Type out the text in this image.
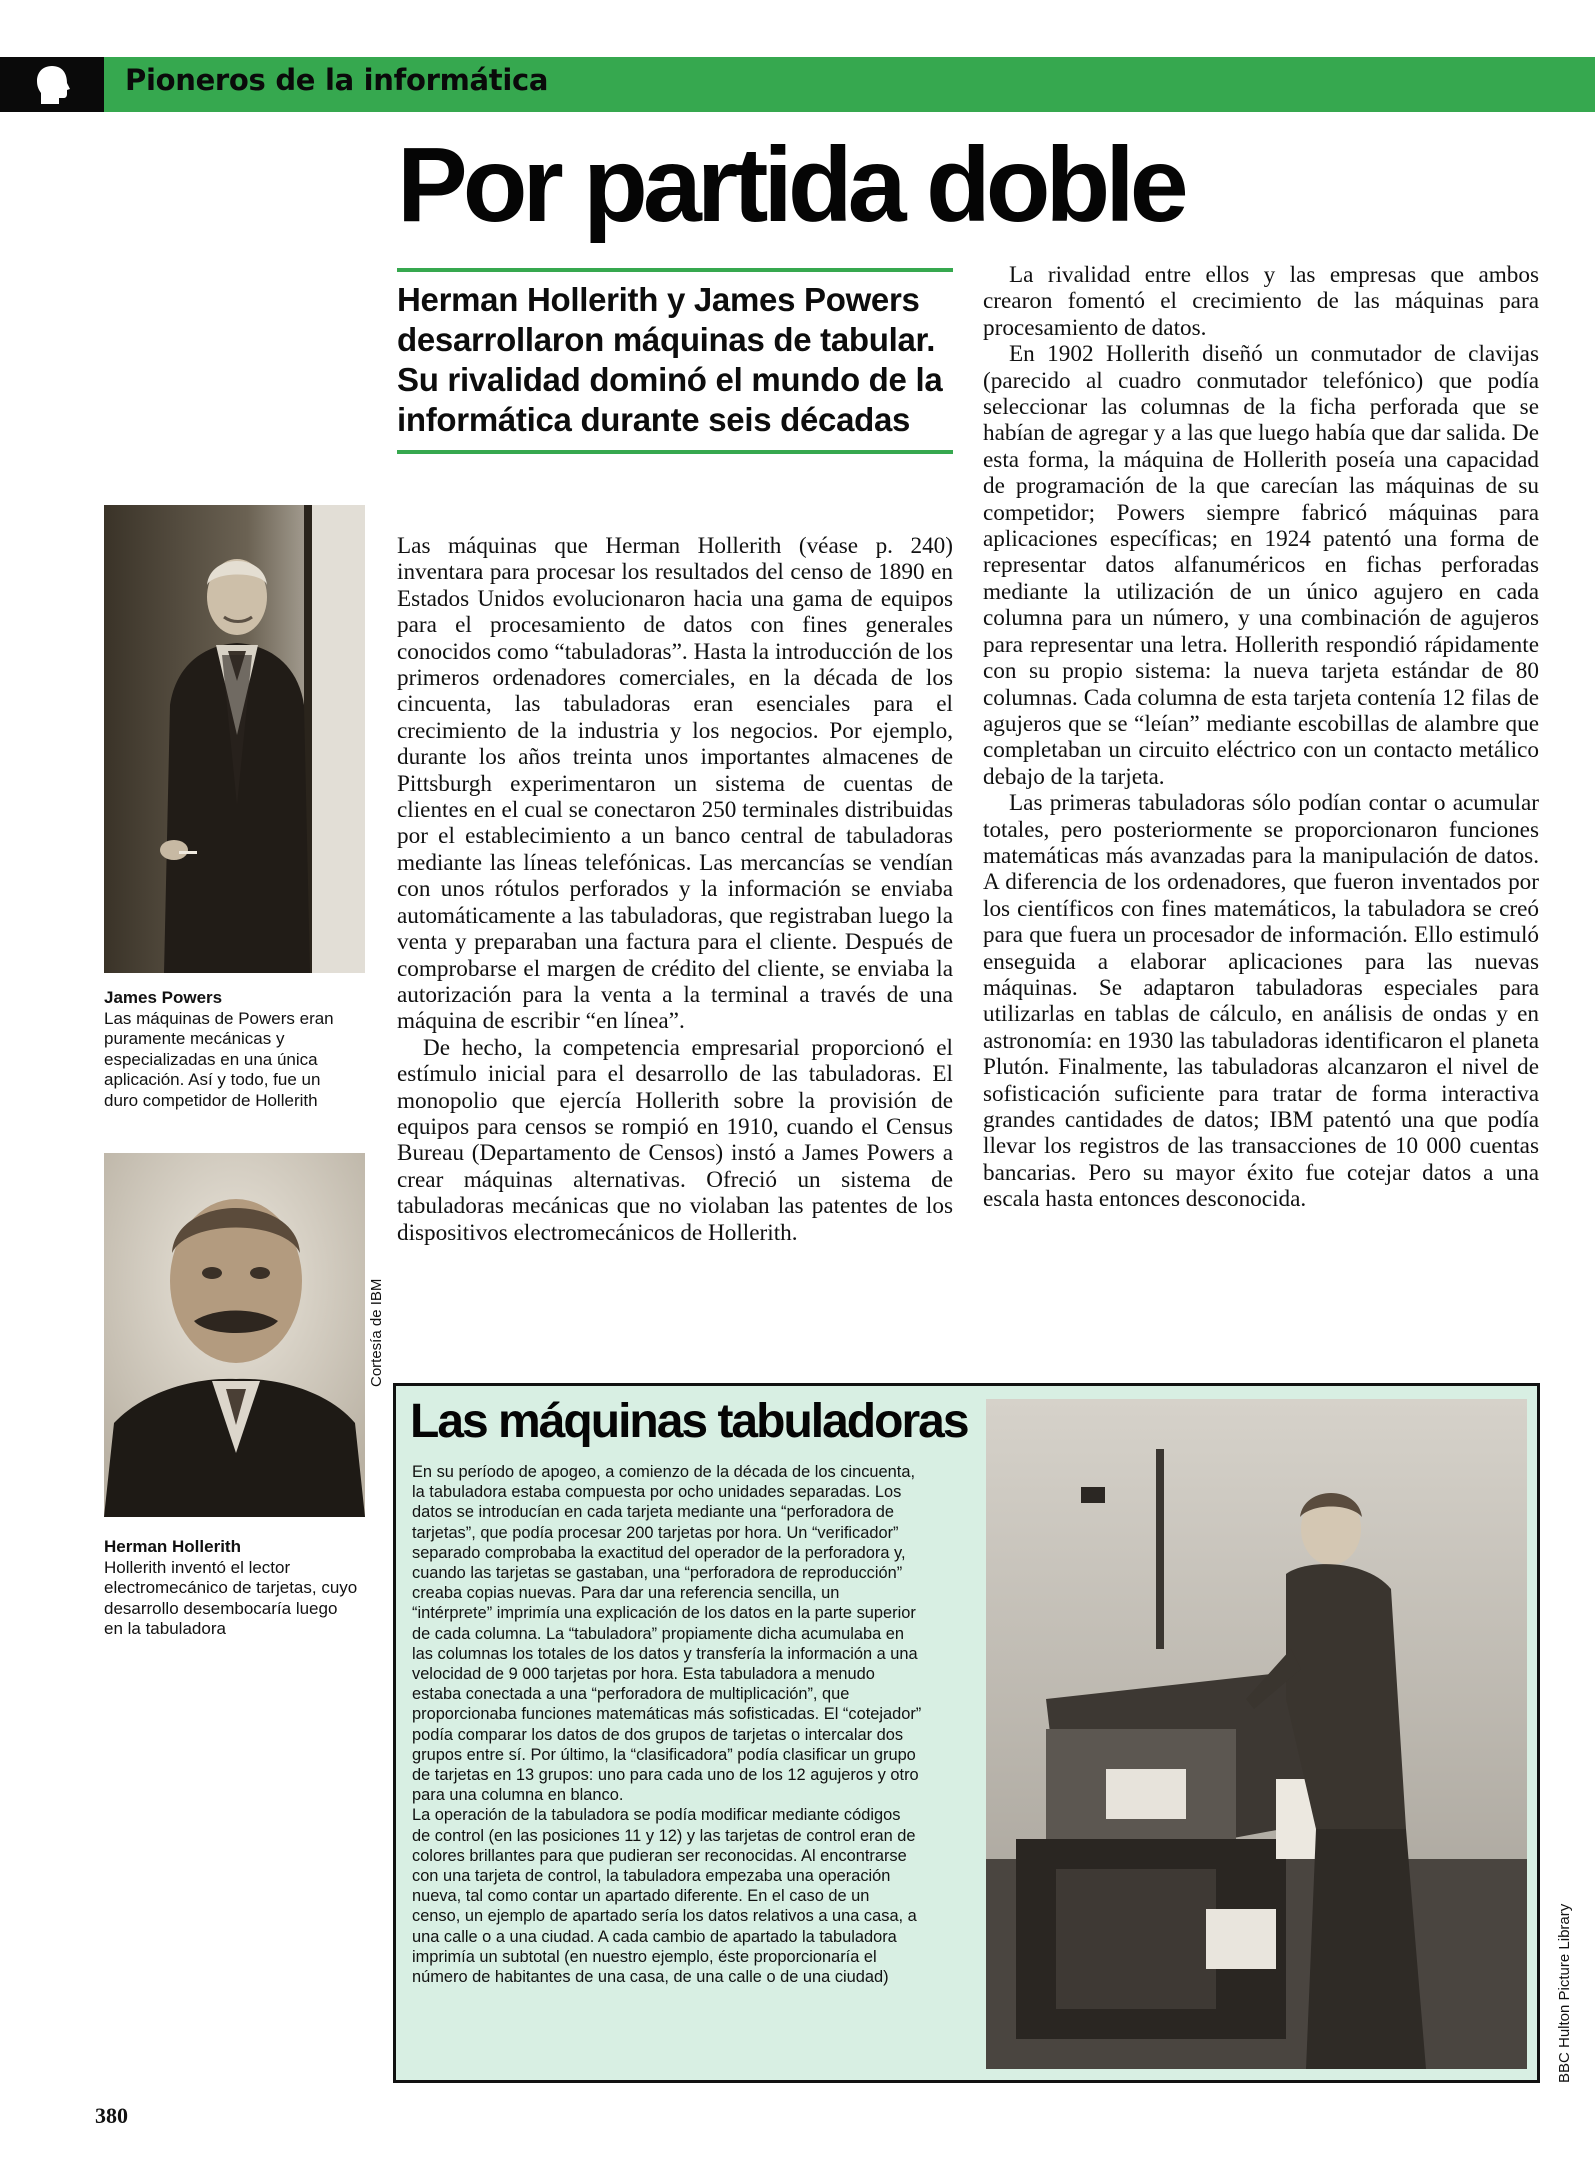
Pioneros de la informática
Por partida doble
Herman Hollerith y James Powers desarrollaron máquinas de tabular. Su rivalidad dominó el mundo de la informática durante seis décadas
James Powers
Las máquinas de Powers eran puramente mecánicas y especializadas en una única aplicación. Así y todo, fue un duro competidor de Hollerith
Cortesía de IBM
Herman Hollerith
Hollerith inventó el lector electromecánico de tarjetas, cuyo desarrollo desembocaría luego en la tabuladora

Las máquinas que Herman Hollerith (véase p. 240) inventara para procesar los resultados del censo de 1890 en Estados Unidos evolucionaron hacia una gama de equipos para el procesamiento de datos con fines generales conocidos como “tabuladoras”. Hasta la introducción de los primeros ordenadores comerciales, en la década de los cincuenta, las tabuladoras eran esenciales para el crecimiento de la industria y los negocios. Por ejemplo, durante los años treinta unos importantes almacenes de Pittsburgh experimentaron un sistema de cuentas de clientes en el cual se conectaron 250 terminales distribuidas por el establecimiento a un banco central de tabuladoras mediante las líneas telefónicas. Las mercancías se vendían con unos rótulos perforados y la información se enviaba automáticamente a las tabuladoras, que registraban luego la venta y preparaban una factura para el cliente. Después de comprobarse el margen de crédito del cliente, se enviaba la autorización para la venta a la terminal a través de una máquina de escribir “en línea”.

De hecho, la competencia empresarial proporcionó el estímulo inicial para el desarrollo de las tabuladoras. El monopolio que ejercía Hollerith sobre la provisión de equipos para censos se rompió en 1910, cuando el Census Bureau (Departamento de Censos) instó a James Powers a crear máquinas alternativas. Ofreció un sistema de tabuladoras mecánicas que no violaban las patentes de los dispositivos electromecánicos de Hollerith.

La rivalidad entre ellos y las empresas que ambos crearon fomentó el crecimiento de las máquinas para procesamiento de datos.

En 1902 Hollerith diseñó un conmutador de clavijas (parecido al cuadro conmutador telefónico) que podía seleccionar las columnas de la ficha perforada que se habían de agregar y a las que luego había que dar salida. De esta forma, la máquina de Hollerith poseía una capacidad de programación de la que carecían las máquinas de su competidor; Powers siempre fabricó máquinas para aplicaciones específicas; en 1924 patentó una forma de representar datos alfanuméricos en fichas perforadas mediante la utilización de un único agujero en cada columna para un número, y una combinación de agujeros para representar una letra. Hollerith respondió rápidamente con su propio sistema: la nueva tarjeta estándar de 80 columnas. Cada columna de esta tarjeta contenía 12 filas de agujeros que se “leían” mediante escobillas de alambre que completaban un circuito eléctrico con un contacto metálico debajo de la tarjeta.

Las primeras tabuladoras sólo podían contar o acumular totales, pero posteriormente se proporcionaron funciones matemáticas más avanzadas para la manipulación de datos. A diferencia de los ordenadores, que fueron inventados por los científicos con fines matemáticos, la tabuladora se creó para que fuera un procesador de información. Ello estimuló enseguida a elaborar aplicaciones para las nuevas máquinas. Se adaptaron tabuladoras especiales para utilizarlas en tablas de cálculo, en análisis de ondas y en astronomía: en 1930 las tabuladoras identificaron el planeta Plutón. Finalmente, las tabuladoras alcanzaron el nivel de sofisticación suficiente para tratar de forma interactiva grandes cantidades de datos; IBM patentó una que podía llevar los registros de las transacciones de 10 000 cuentas bancarias. Pero su mayor éxito fue cotejar datos a una escala hasta entonces desconocida.

Las máquinas tabuladoras

En su período de apogeo, a comienzo de la década de los cincuenta, la tabuladora estaba compuesta por ocho unidades separadas. Los datos se introducían en cada tarjeta mediante una “perforadora de tarjetas”, que podía procesar 200 tarjetas por hora. Un “verificador” separado comprobaba la exactitud del operador de la perforadora y, cuando las tarjetas se gastaban, una “perforadora de reproducción” creaba copias nuevas. Para dar una referencia sencilla, un “intérprete” imprimía una explicación de los datos en la parte superior de cada columna. La “tabuladora” propiamente dicha acumulaba en las columnas los totales de los datos y transfería la información a una velocidad de 9 000 tarjetas por hora. Esta tabuladora a menudo estaba conectada a una “perforadora de multiplicación”, que proporcionaba funciones matemáticas más sofisticadas. El “cotejador” podía comparar los datos de dos grupos de tarjetas o intercalar dos grupos entre sí. Por último, la “clasificadora” podía clasificar un grupo de tarjetas en 13 grupos: uno para cada uno de los 12 agujeros y otro para una columna en blanco.

La operación de la tabuladora se podía modificar mediante códigos de control (en las posiciones 11 y 12) y las tarjetas de control eran de colores brillantes para que pudieran ser reconocidas. Al encontrarse con una tarjeta de control, la tabuladora empezaba una operación nueva, tal como contar un apartado diferente. En el caso de un censo, un ejemplo de apartado sería los datos relativos a una casa, a una calle o a una ciudad. A cada cambio de apartado la tabuladora imprimía un subtotal (en nuestro ejemplo, éste proporcionaría el número de habitantes de una casa, de una calle o de una ciudad)	BBC Hulton Picture Library
380
